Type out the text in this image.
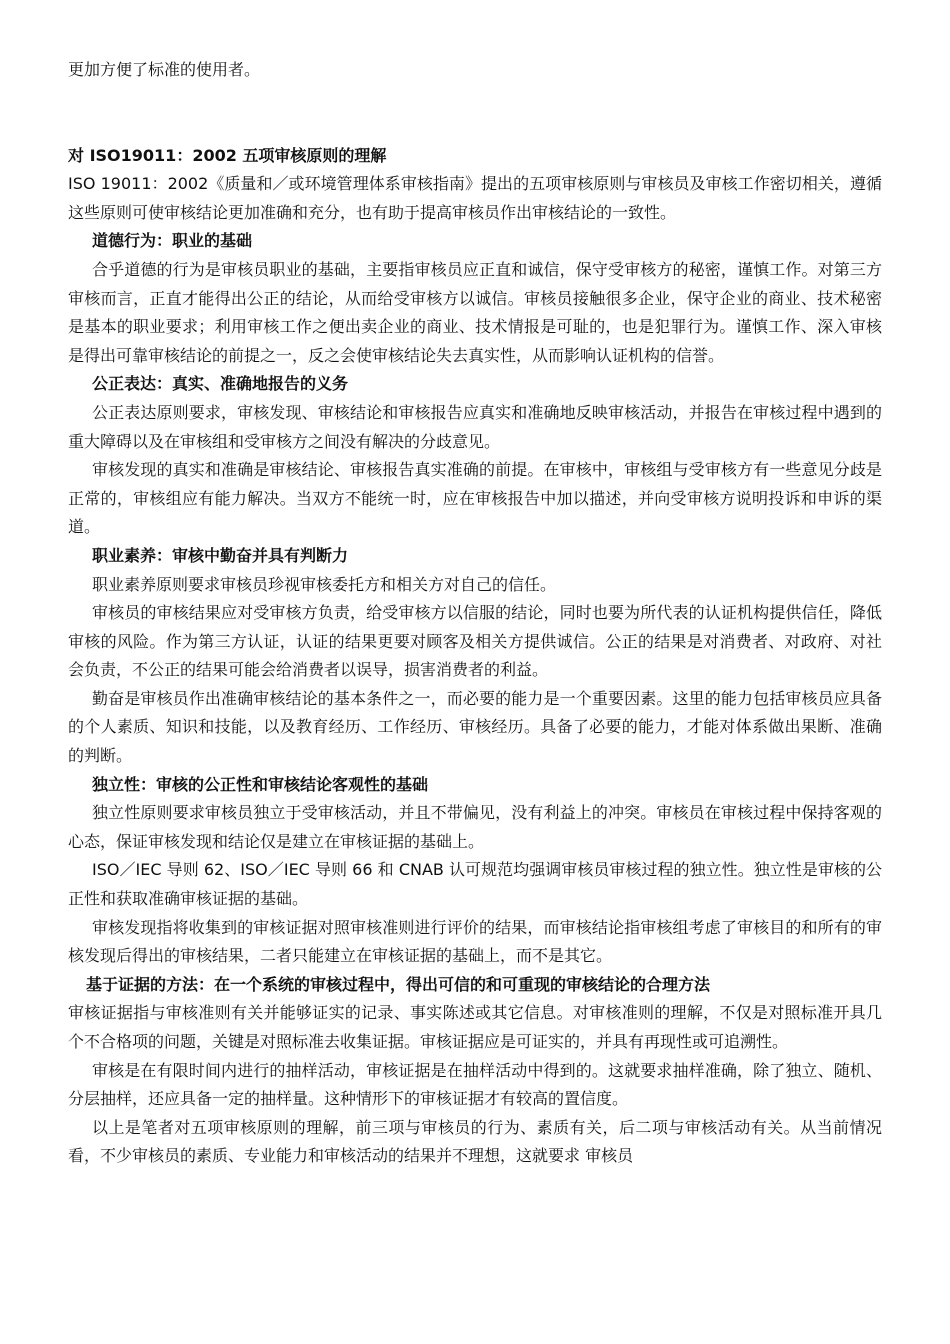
更加方便了标准的使用者。

对 ISO19011：2002 五项审核原则的理解

ISO 19011：2002《质量和／或环境管理体系审核指南》提出的五项审核原则与审核员及审核工作密切相关，遵循这些原则可使审核结论更加准确和充分，也有助于提高审核员作出审核结论的一致性。

道德行为：职业的基础

合乎道德的行为是审核员职业的基础，主要指审核员应正直和诚信，保守受审核方的秘密，谨慎工作。对第三方审核而言，正直才能得出公正的结论，从而给受审核方以诚信。审核员接触很多企业，保守企业的商业、技术秘密是基本的职业要求；利用审核工作之便出卖企业的商业、技术情报是可耻的，也是犯罪行为。谨慎工作、深入审核是得出可靠审核结论的前提之一，反之会使审核结论失去真实性，从而影响认证机构的信誉。

公正表达：真实、准确地报告的义务

公正表达原则要求，审核发现、审核结论和审核报告应真实和准确地反映审核活动，并报告在审核过程中遇到的重大障碍以及在审核组和受审核方之间没有解决的分歧意见。

审核发现的真实和准确是审核结论、审核报告真实准确的前提。在审核中，审核组与受审核方有一些意见分歧是正常的，审核组应有能力解决。当双方不能统一时，应在审核报告中加以描述，并向受审核方说明投诉和申诉的渠道。

职业素养：审核中勤奋并具有判断力

职业素养原则要求审核员珍视审核委托方和相关方对自己的信任。

审核员的审核结果应对受审核方负责，给受审核方以信服的结论，同时也要为所代表的认证机构提供信任，降低审核的风险。作为第三方认证，认证的结果更要对顾客及相关方提供诚信。公正的结果是对消费者、对政府、对社会负责，不公正的结果可能会给消费者以误导，损害消费者的利益。

勤奋是审核员作出准确审核结论的基本条件之一，而必要的能力是一个重要因素。这里的能力包括审核员应具备的个人素质、知识和技能，以及教育经历、工作经历、审核经历。具备了必要的能力，才能对体系做出果断、准确的判断。

独立性：审核的公正性和审核结论客观性的基础

独立性原则要求审核员独立于受审核活动，并且不带偏见，没有利益上的冲突。审核员在审核过程中保持客观的心态，保证审核发现和结论仅是建立在审核证据的基础上。

ISO／IEC 导则 62、ISO／IEC 导则 66 和 CNAB 认可规范均强调审核员审核过程的独立性。独立性是审核的公正性和获取准确审核证据的基础。

审核发现指将收集到的审核证据对照审核准则进行评价的结果，而审核结论指审核组考虑了审核目的和所有的审核发现后得出的审核结果，二者只能建立在审核证据的基础上，而不是其它。

基于证据的方法：在一个系统的审核过程中，得出可信的和可重现的审核结论的合理方法

审核证据指与审核准则有关并能够证实的记录、事实陈述或其它信息。对审核准则的理解，不仅是对照标准开具几个不合格项的问题，关键是对照标准去收集证据。审核证据应是可证实的，并具有再现性或可追溯性。

审核是在有限时间内进行的抽样活动，审核证据是在抽样活动中得到的。这就要求抽样准确，除了独立、随机、分层抽样，还应具备一定的抽样量。这种情形下的审核证据才有较高的置信度。

以上是笔者对五项审核原则的理解，前三项与审核员的行为、素质有关，后二项与审核活动有关。从当前情况看，不少审核员的素质、专业能力和审核活动的结果并不理想，这就要求 审核员
